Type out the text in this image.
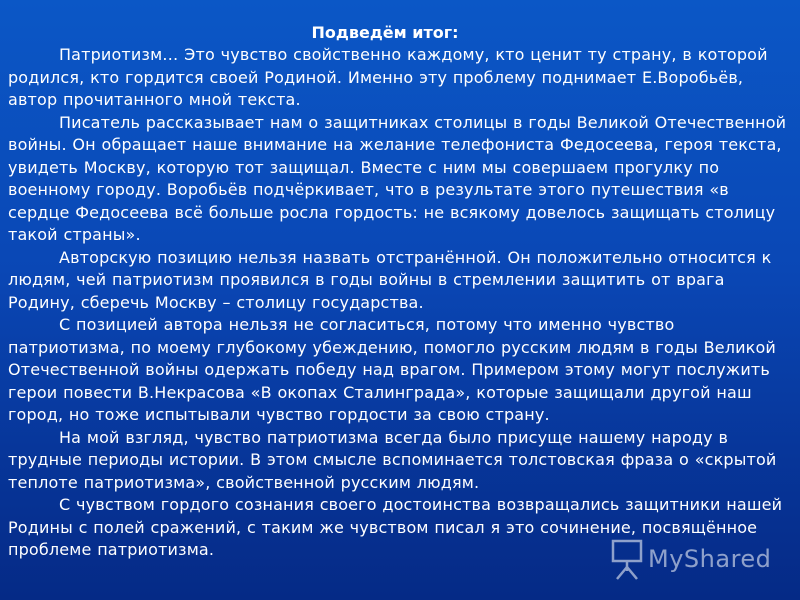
Подведём итог:

Патриотизм… Это чувство свойственно каждому, кто ценит ту страну, в которой родился, кто гордится своей Родиной. Именно эту проблему поднимает Е.Воробьёв, автор прочитанного мной текста.

Писатель рассказывает нам о защитниках столицы в годы Великой Отечественной войны. Он обращает наше внимание на желание телефониста Федосеева, героя текста, увидеть Москву, которую тот защищал. Вместе с ним мы совершаем прогулку по военному городу. Воробьёв подчёркивает, что в результате этого путешествия «в сердце Федосеева всё больше росла гордость: не всякому довелось защищать столицу такой страны».

Авторскую позицию нельзя назвать отстранённой. Он положительно относится к людям, чей патриотизм проявился в годы войны в стремлении защитить от врага Родину, сберечь Москву – столицу государства.

С позицией автора нельзя не согласиться, потому что именно чувство патриотизма, по моему глубокому убеждению, помогло русским людям в годы Великой Отечественной войны одержать победу над врагом. Примером этому могут послужить герои повести В.Некрасова «В окопах Сталинграда», которые защищали другой наш город, но тоже испытывали чувство гордости за свою страну.

На мой взгляд, чувство патриотизма всегда было присуще нашему народу в трудные периоды истории. В этом смысле вспоминается толстовская фраза о «скрытой теплоте патриотизма», свойственной русским людям.

С чувством гордого сознания своего достоинства возвращались защитники нашей Родины с полей сражений, с таким же чувством писал я это сочинение, посвящённое проблеме патриотизма.	MyShared
